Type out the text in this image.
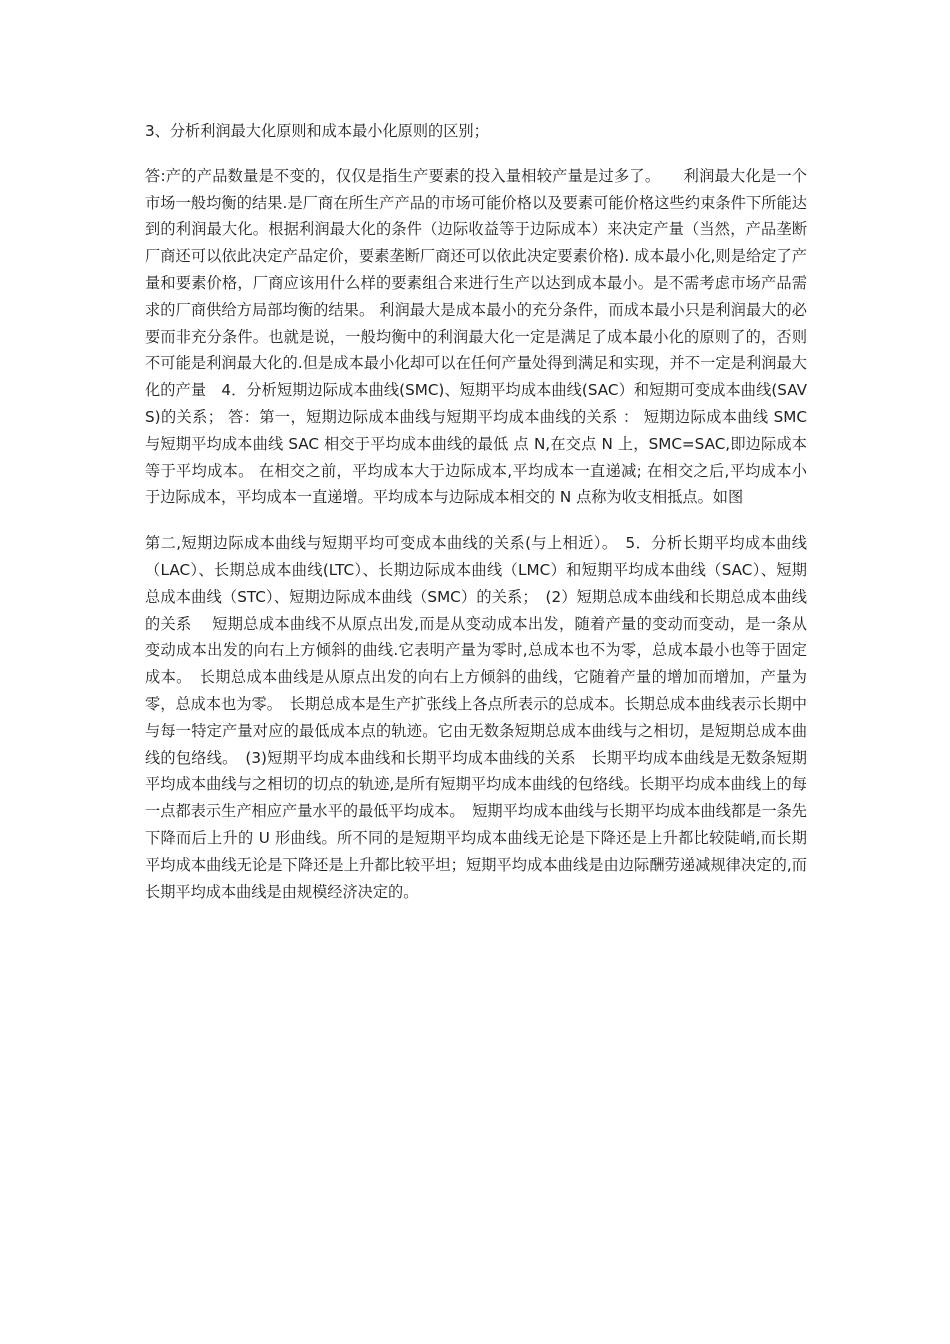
3、分析利润最大化原则和成本最小化原则的区别；

答:产的产品数量是不变的，仅仅是指生产要素的投入量相较产量是过多了。　　利润最大化是一个市场一般均衡的结果.是厂商在所生产产品的市场可能价格以及要素可能价格这些约束条件下所能达到的利润最大化。根据利润最大化的条件（边际收益等于边际成本）来决定产量（当然，产品垄断厂商还可以依此决定产品定价，要素垄断厂商还可以依此决定要素价格). 成本最小化,则是给定了产量和要素价格，厂商应该用什么样的要素组合来进行生产以达到成本最小。是不需考虑市场产品需求的厂商供给方局部均衡的结果。 利润最大是成本最小的充分条件，而成本最小只是利润最大的必要而非充分条件。也就是说，一般均衡中的利润最大化一定是满足了成本最小化的原则了的，否则不可能是利润最大化的.但是成本最小化却可以在任何产量处得到满足和实现，并不一定是利润最大化的产量　4．分析短期边际成本曲线(SMC)、短期平均成本曲线(SAC）和短期可变成本曲线(SAVS)的关系； 答：第一，短期边际成本曲线与短期平均成本曲线的关系 ： 短期边际成本曲线 SMC 与短期平均成本曲线 SAC 相交于平均成本曲线的最低 点 N,在交点 N 上，SMC=SAC,即边际成本等于平均成本。 在相交之前，平均成本大于边际成本,平均成本一直递减; 在相交之后,平均成本小于边际成本，平均成本一直递增。平均成本与边际成本相交的 N 点称为收支相抵点。如图

第二,短期边际成本曲线与短期平均可变成本曲线的关系(与上相近）。　5．分析长期平均成本曲线（LAC）、长期总成本曲线(LTC）、长期边际成本曲线（LMC）和短期平均成本曲线（SAC）、短期总成本曲线（STC）、短期边际成本曲线（SMC）的关系；　(2）短期总成本曲线和长期总成本曲线的关系　 短期总成本曲线不从原点出发,而是从变动成本出发，随着产量的变动而变动，是一条从变动成本出发的向右上方倾斜的曲线.它表明产量为零时,总成本也不为零，总成本最小也等于固定成本。　长期总成本曲线是从原点出发的向右上方倾斜的曲线，它随着产量的增加而增加，产量为零，总成本也为零。　长期总成本是生产扩张线上各点所表示的总成本。长期总成本曲线表示长期中与每一特定产量对应的最低成本点的轨迹。它由无数条短期总成本曲线与之相切，是短期总成本曲线的包络线。　(3)短期平均成本曲线和长期平均成本曲线的关系　长期平均成本曲线是无数条短期平均成本曲线与之相切的切点的轨迹,是所有短期平均成本曲线的包络线。长期平均成本曲线上的每一点都表示生产相应产量水平的最低平均成本。　短期平均成本曲线与长期平均成本曲线都是一条先下降而后上升的 U 形曲线。所不同的是短期平均成本曲线无论是下降还是上升都比较陡峭,而长期平均成本曲线无论是下降还是上升都比较平坦；短期平均成本曲线是由边际酬劳递减规律决定的,而长期平均成本曲线是由规模经济决定的。
